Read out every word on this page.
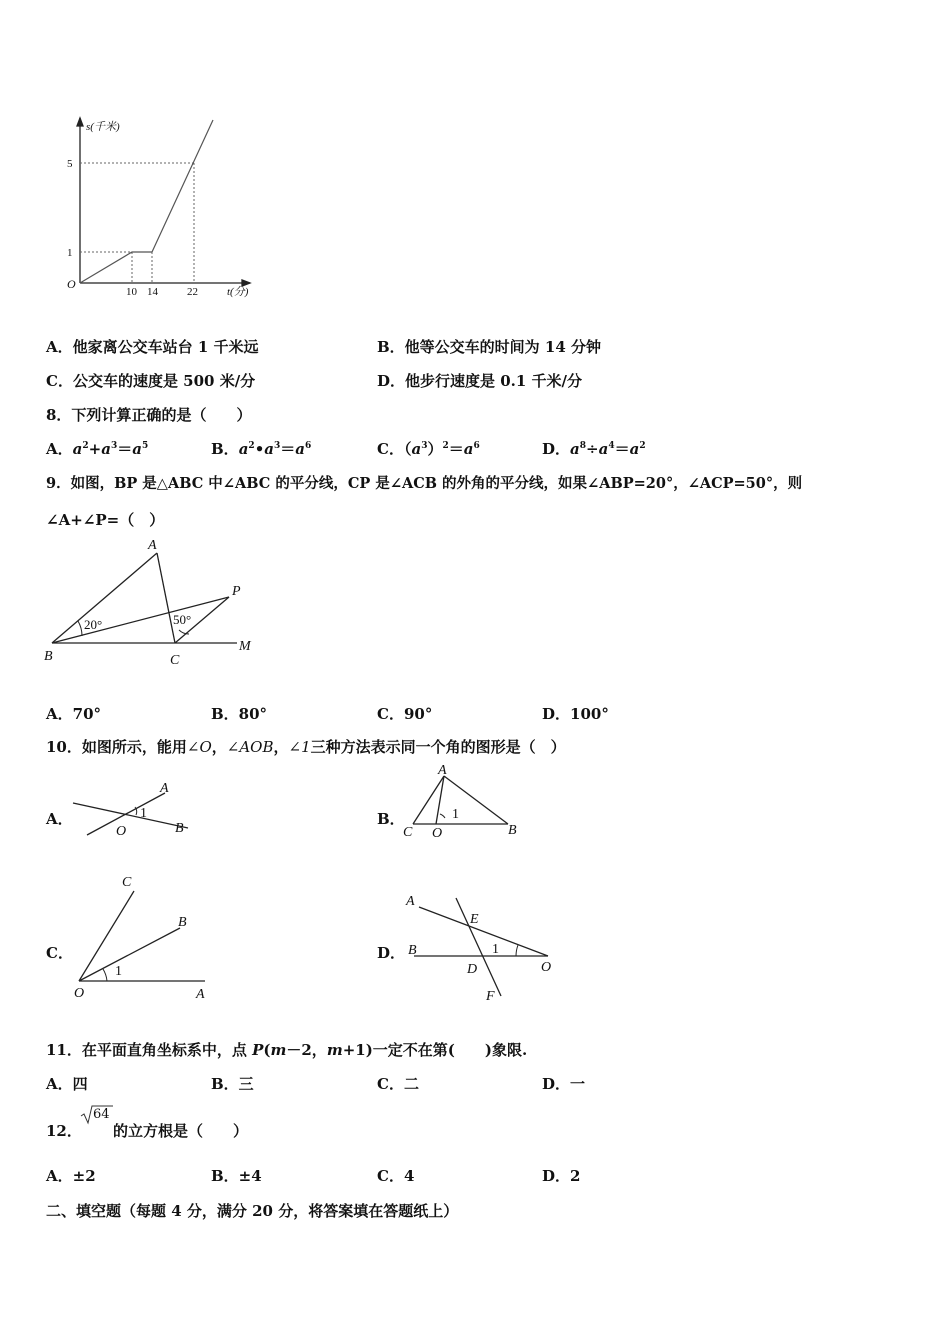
s(千米)
O
1
5
10 14	22	t(分)
A．他家离公交车站台 1 千米远	B．他等公交车的时间为 14 分钟
C．公交车的速度是 500 米/分	D．他步行速度是 0.1 千米/分
8．下列计算正确的是（　　）
A．$a^2+a^3=a^5$	B．$a^2•a^3=a^6$	C．$(a^3)^2=a^6$	D．$a^8\div a^4=a^2$
9．如图，BP 是△ABC 中∠ABC 的平分线，CP 是∠ACB 的外角的平分线，如果∠ABP=20°，∠ACP=50°，则
∠A+∠P=（　）
A
P
B	C
M
20°	50°
A．70°	B．80°	C．90°	D．100°
10．如图所示，能用∠O，∠AOB，∠1三种方法表示同一个角的图形是（　）
A．
A
1
O	B
B．
A
1
C O	B
C．
C
B
1
O	A
D．
A
E
B	1
D	O
F
11．在平面直角坐标系中，点 P(m－2，m+1)一定不在第(　　)象限.
A．四	B．三	C．二	D．一
12．
64
的立方根是（　　）
A．±2	B．±4	C．4	D．2
二、填空题（每题 4 分，满分 20 分，将答案填在答题纸上）
